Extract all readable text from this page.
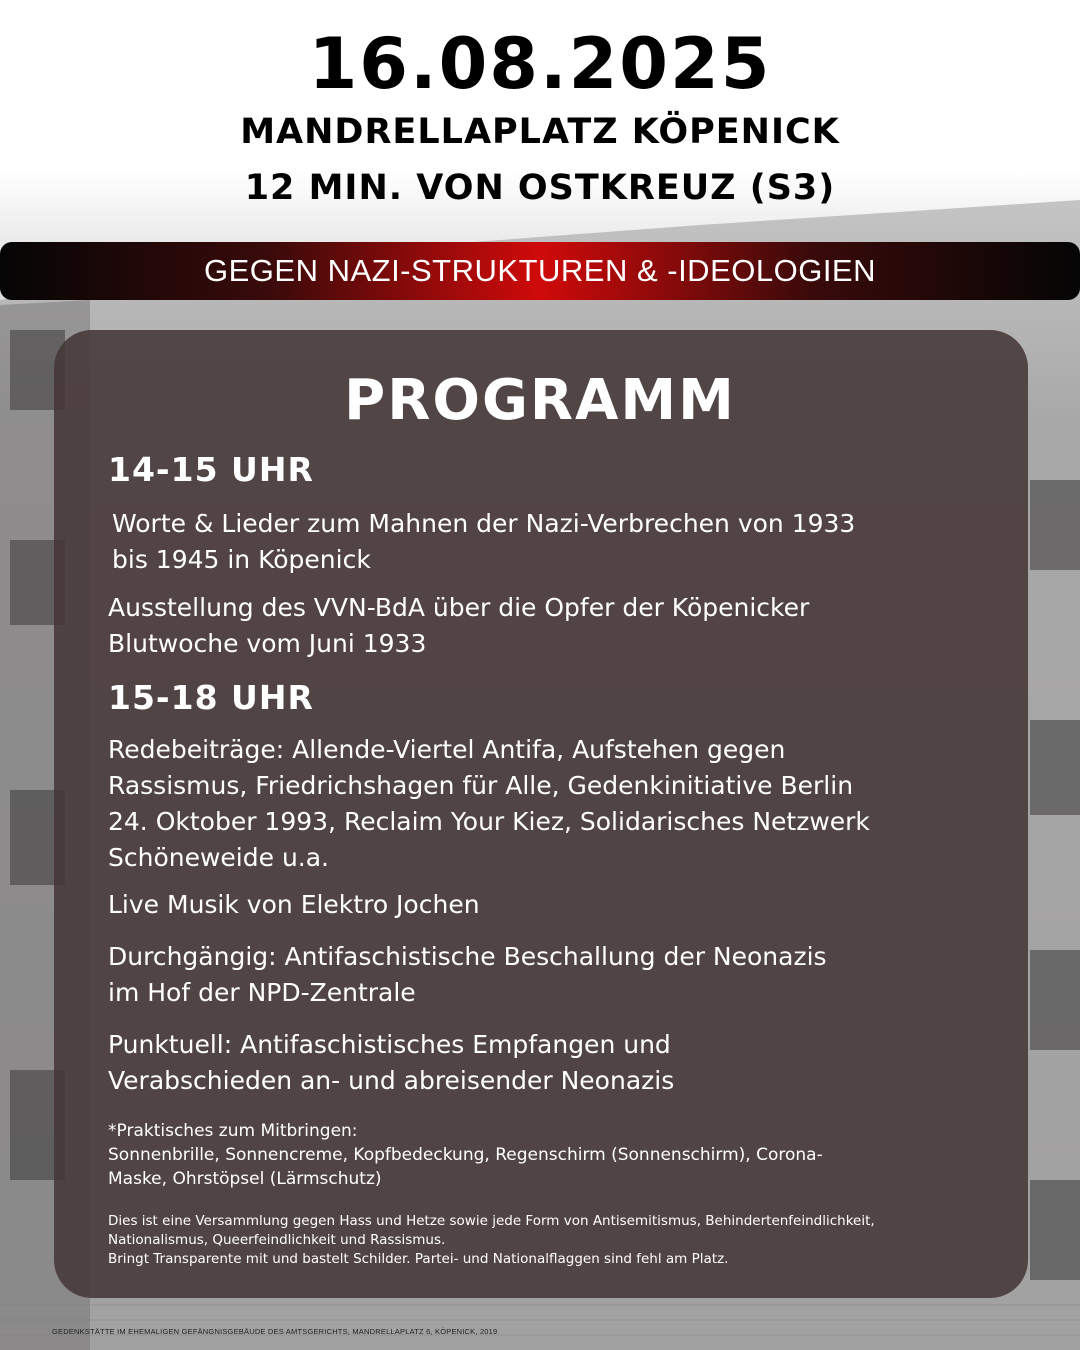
16.08.2025
MANDRELLAPLATZ KÖPENICK
12 MIN. VON OSTKREUZ (S3)
GEGEN NAZI-STRUKTUREN & -IDEOLOGIEN
PROGRAMM
14-15 UHR
Worte & Lieder zum Mahnen der Nazi-Verbrechen von 1933
bis 1945 in Köpenick
Ausstellung des VVN-BdA über die Opfer der Köpenicker
Blutwoche vom Juni 1933
15-18 UHR
Redebeiträge: Allende-Viertel Antifa, Aufstehen gegen
Rassismus, Friedrichshagen für Alle, Gedenkinitiative Berlin
24. Oktober 1993, Reclaim Your Kiez, Solidarisches Netzwerk
Schöneweide u.a.
Live Musik von Elektro Jochen
Durchgängig: Antifaschistische Beschallung der Neonazis
im Hof der NPD-Zentrale
Punktuell: Antifaschistisches Empfangen und
Verabschieden an- und abreisender Neonazis
*Praktisches zum Mitbringen:
Sonnenbrille, Sonnencreme, Kopfbedeckung, Regenschirm (Sonnenschirm), Corona-
Maske, Ohrstöpsel (Lärmschutz)
Dies ist eine Versammlung gegen Hass und Hetze sowie jede Form von Antisemitismus, Behindertenfeindlichkeit,
Nationalismus, Queerfeindlichkeit und Rassismus.
Bringt Transparente mit und bastelt Schilder. Partei- und Nationalflaggen sind fehl am Platz.
GEDENKSTÄTTE IM EHEMALIGEN GEFÄNGNISGEBÄUDE DES AMTSGERICHTS, MANDRELLAPLATZ 6, KÖPENICK, 2019
